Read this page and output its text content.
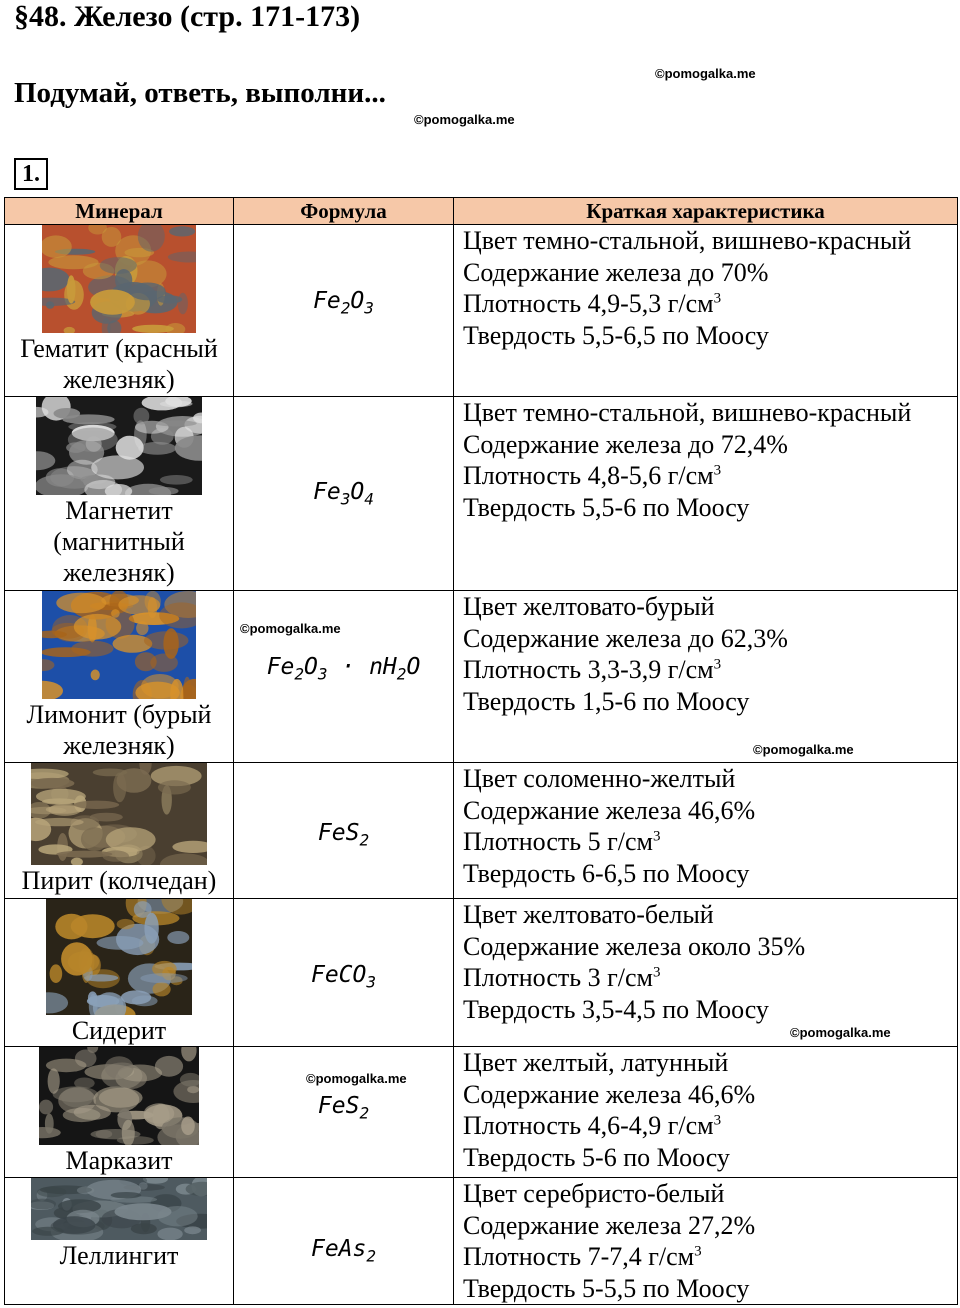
§48. Железо (стр. 171-173)
©pomogalka.me
Подумай, ответь, выполни...
©pomogalka.me
1.
Минерал	Формула	Краткая характеристика

Гематит (красный железняк)	$Fe_2O_3$	Цвет темно-стальной, вишнево-красный
Содержание железа до 70%
Плотность 4,9-5,3 $г/см^3$
Твердость 5,5-6,5 по Моосу

Магнетит (магнитный железняк)	$Fe_3O_4$	Цвет темно-стальной, вишнево-красный
Содержание железа до 72,4%
Плотность 4,8-5,6 $г/см^3$
Твердость 5,5-6 по Моосу

Лимонит (бурый железняк)	$Fe_2O_3 \cdot nH_2O$	Цвет желтовато-бурый
Содержание железа до 62,3%
Плотность 3,3-3,9 $г/см^3$
Твердость 1,5-6 по Моосу

Пирит (колчедан)	FeS$_2$	Цвет соломенно-желтый
Содержание железа 46,6%
Плотность 5 $г/см^3$
Твердость 6-6,5 по Моосу

Сидерит	FeCO$_3$	Цвет желтовато-белый
Содержание железа около 35%
Плотность 3 $г/см^3$
Твердость 3,5-4,5 по Моосу

Марказит	FeS$_2$	Цвет желтый, латунный
Содержание железа 46,6%
Плотность 4,6-4,9 $г/см^3$
Твердость 5-6 по Моосу

Леллингит	FeAs$_2$	Цвет серебристо-белый
Содержание железа 27,2%
Плотность 7-7,4 $г/см^3$
Твердость 5-5,5 по Моосу
©pomogalka.me
©pomogalka.me
©pomogalka.me
©pomogalka.me
